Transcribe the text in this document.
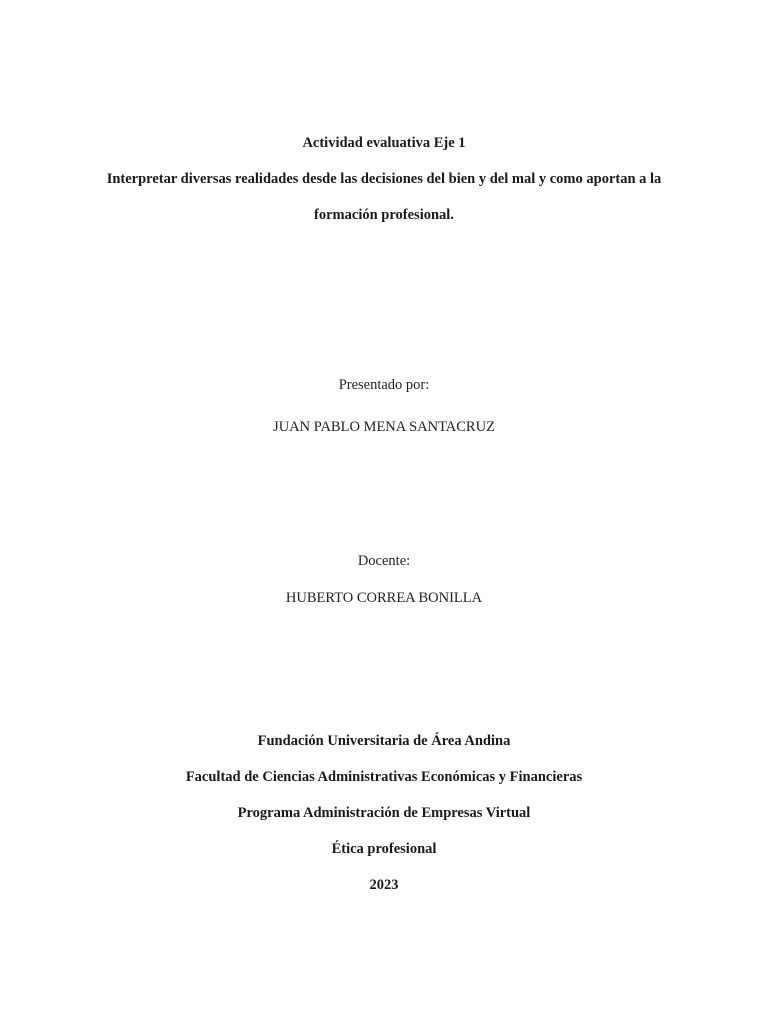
Actividad evaluativa Eje 1
Interpretar diversas realidades desde las decisiones del bien y del mal y como aportan a la
formación profesional.
Presentado por:
JUAN PABLO MENA SANTACRUZ
Docente:
HUBERTO CORREA BONILLA
Fundación Universitaria de Área Andina
Facultad de Ciencias Administrativas Económicas y Financieras
Programa Administración de Empresas Virtual
Ética profesional
2023
